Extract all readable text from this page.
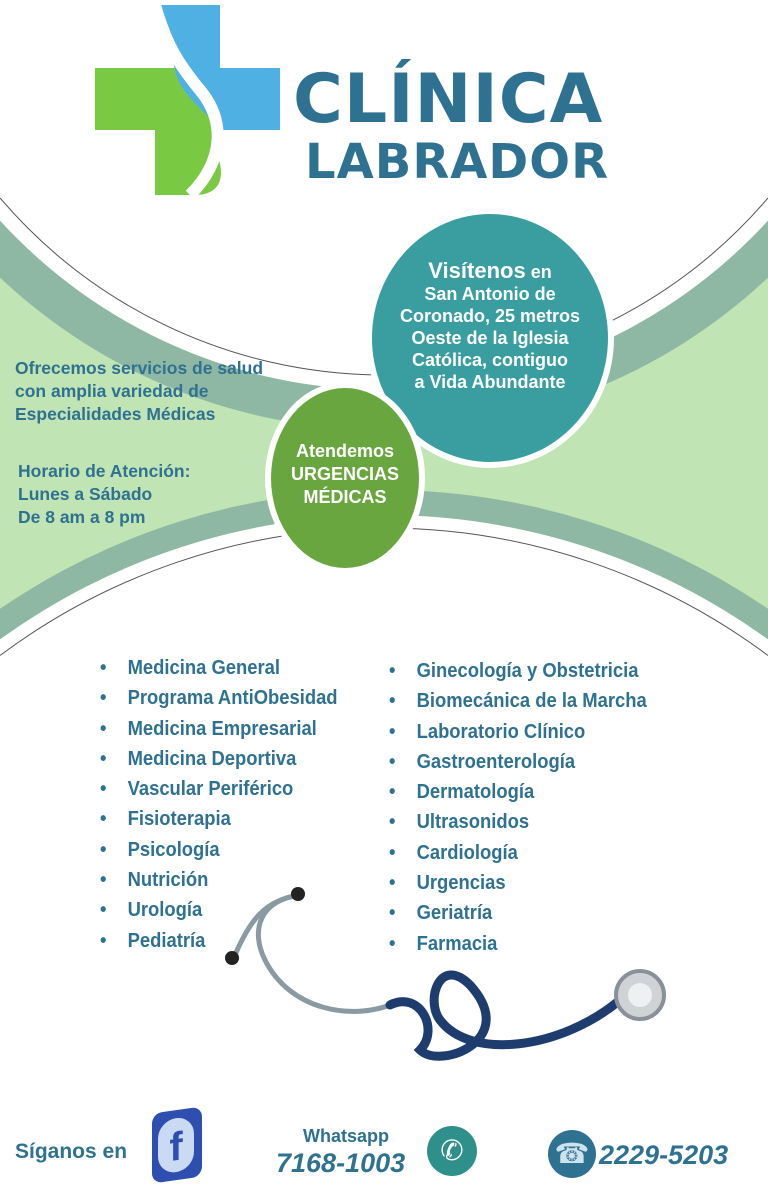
CLÍNICA
LABRADOR
Visítenos en
San Antonio de
Coronado, 25 metros
Oeste de la Iglesia
Católica, contiguo
a Vida Abundante
Atendemos
URGENCIAS
MÉDICAS
Ofrecemos servicios de salud
con amplia variedad de
Especialidades Médicas
Horario de Atención:
Lunes a Sábado
De 8 am a 8 pm
• Medicina General
• Programa AntiObesidad
• Medicina Empresarial
• Medicina Deportiva
• Vascular Periférico
• Fisioterapia
• Psicología
• Nutrición
• Urología
• Pediatría
• Ginecología y Obstetricia
• Biomecánica de la Marcha
• Laboratorio Clínico
• Gastroenterología
• Dermatología
• Ultrasonidos
• Cardiología
• Urgencias
• Geriatría
• Farmacia
Síganos en f	Whatsapp
7168-1003	✆	☎ 2229-5203
